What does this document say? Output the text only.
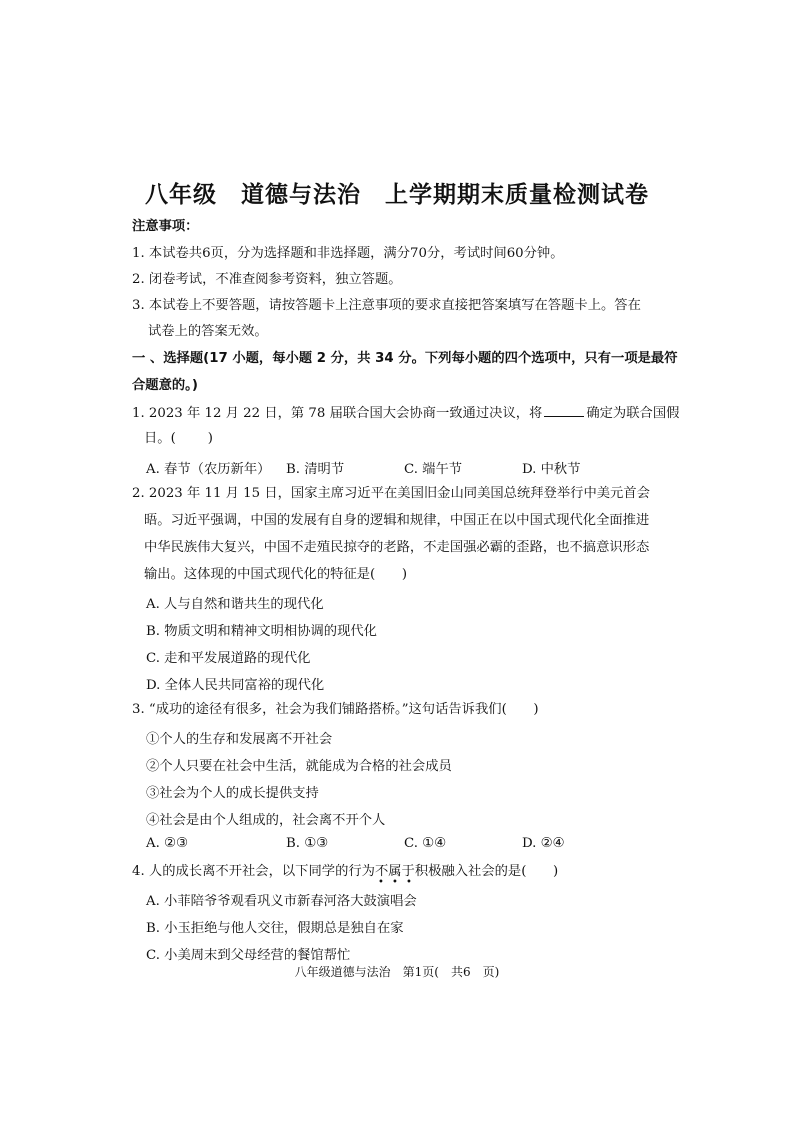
八年级　道德与法治　上学期期末质量检测试卷
注意事项：
1. 本试卷共6页，分为选择题和非选择题，满分70分，考试时间60分钟。
2. 闭卷考试，不准查阅参考资料，独立答题。
3. 本试卷上不要答题，请按答题卡上注意事项的要求直接把答案填写在答题卡上。答在
试卷上的答案无效。
一 、选择题(17 小题，每小题 2 分，共 34 分。下列每小题的四个选项中，只有一项是最符
合题意的。)
1. 2023 年 12 月 22 日，第 78 届联合国大会协商一致通过决议，将	确定为联合国假
日。( )
A. 春节（农历新年） B. 清明节	C. 端午节	D. 中秋节
2. 2023 年 11 月 15 日，国家主席习近平在美国旧金山同美国总统拜登举行中美元首会
晤。习近平强调，中国的发展有自身的逻辑和规律，中国正在以中国式现代化全面推进
中华民族伟大复兴，中国不走殖民掠夺的老路，不走国强必霸的歪路，也不搞意识形态
输出。这体现的中国式现代化的特征是(　　)
A. 人与自然和谐共生的现代化
B. 物质文明和精神文明相协调的现代化
C. 走和平发展道路的现代化
D. 全体人民共同富裕的现代化
3. “成功的途径有很多，社会为我们铺路搭桥。”这句话告诉我们(　　)
①个人的生存和发展离不开社会
②个人只要在社会中生活，就能成为合格的社会成员
③社会为个人的成长提供支持
④社会是由个人组成的，社会离不开个人
A. ②③	B. ①③	C. ①④	D. ②④
4. 人的成长离不开社会，以下同学的行为不属于
• • •
积极融入社会的是(　　)
A. 小菲陪爷爷观看巩义市新春河洛大鼓演唱会
B. 小玉拒绝与他人交往，假期总是独自在家
C. 小美周末到父母经营的餐馆帮忙
八年级道德与法治　第1页(　共6　页)
